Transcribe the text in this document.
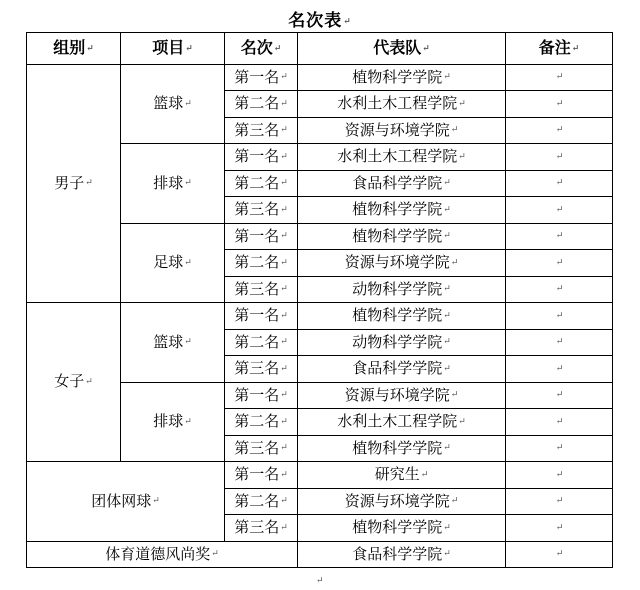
名次表 ↵
组别 ↵	项目 ↵	名次 ↵	代表队 ↵	备注 ↵
男子 ↵	篮球 ↵	第一名 ↵	植物科学学院 ↵	↵
		第二名 ↵	水利土木工程学院 ↵	↵
		第三名 ↵	资源与环境学院 ↵	↵
	排球 ↵	第一名 ↵	水利土木工程学院 ↵	↵
		第二名 ↵	食品科学学院 ↵	↵
		第三名 ↵	植物科学学院 ↵	↵
	足球 ↵	第一名 ↵	植物科学学院 ↵	↵
		第二名 ↵	资源与环境学院 ↵	↵
		第三名 ↵	动物科学学院 ↵	↵
女子 ↵	篮球 ↵	第一名 ↵	植物科学学院 ↵	↵
		第二名 ↵	动物科学学院 ↵	↵
		第三名 ↵	食品科学学院 ↵	↵
	排球 ↵	第一名 ↵	资源与环境学院 ↵	↵
		第二名 ↵	水利土木工程学院 ↵	↵
		第三名 ↵	植物科学学院 ↵	↵
团体网球 ↵		第一名 ↵	研究生 ↵	↵
		第二名 ↵	资源与环境学院 ↵	↵
		第三名 ↵	植物科学学院 ↵	↵
体育道德风尚奖 ↵			食品科学学院 ↵	↵
↵
